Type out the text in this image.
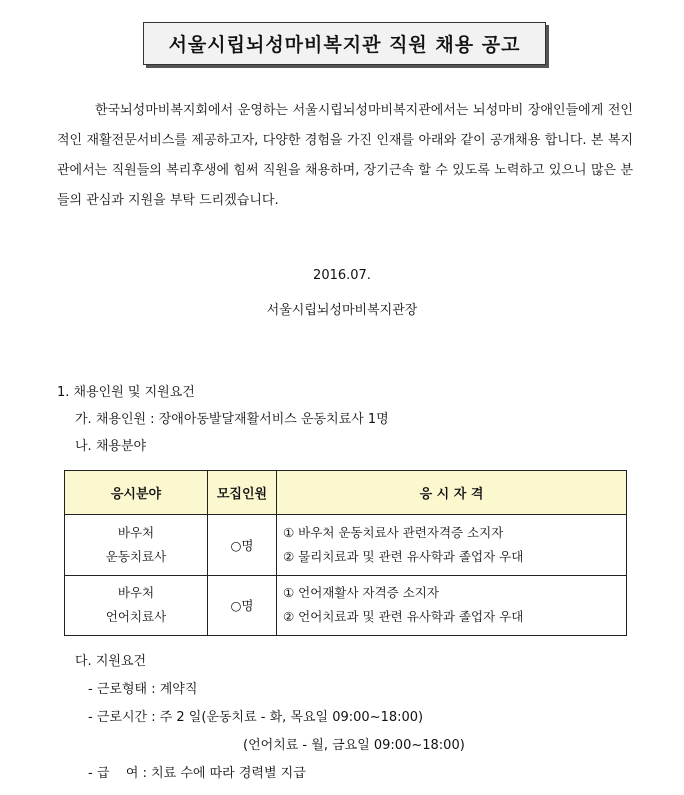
서울시립뇌성마비복지관 직원 채용 공고

한국뇌성마비복지회에서 운영하는 서울시립뇌성마비복지관에서는 뇌성마비 장애인들에게 전인적인 재활전문서비스를 제공하고자, 다양한 경험을 가진 인재를 아래와 같이 공개채용 합니다. 본 복지관에서는 직원들의 복리후생에 힘써 직원을 채용하며, 장기근속 할 수 있도록 노력하고 있으니 많은 분들의 관심과 지원을 부탁 드리겠습니다.

2016.07.
서울시립뇌성마비복지관장
1. 채용인원 및 지원요건
가. 채용인원 : 장애아동발달재활서비스 운동치료사 1명
나. 채용분야
응시분야	모집인원	응 시 자 격

바우처
운동치료사	○명	① 바우처 운동치료사 관련자격증 소지자
② 물리치료과 및 관련 유사학과 졸업자 우대

바우처
언어치료사	○명	① 언어재활사 자격증 소지자
② 언어치료과 및 관련 유사학과 졸업자 우대
다. 지원요건
- 근로형태 : 계약직
- 근로시간 : 주 2 일(운동치료 - 화, 목요일 09:00~18:00)
(언어치료 - 월, 금요일 09:00~18:00)
- 급    여 : 치료 수에 따라 경력별 지급
